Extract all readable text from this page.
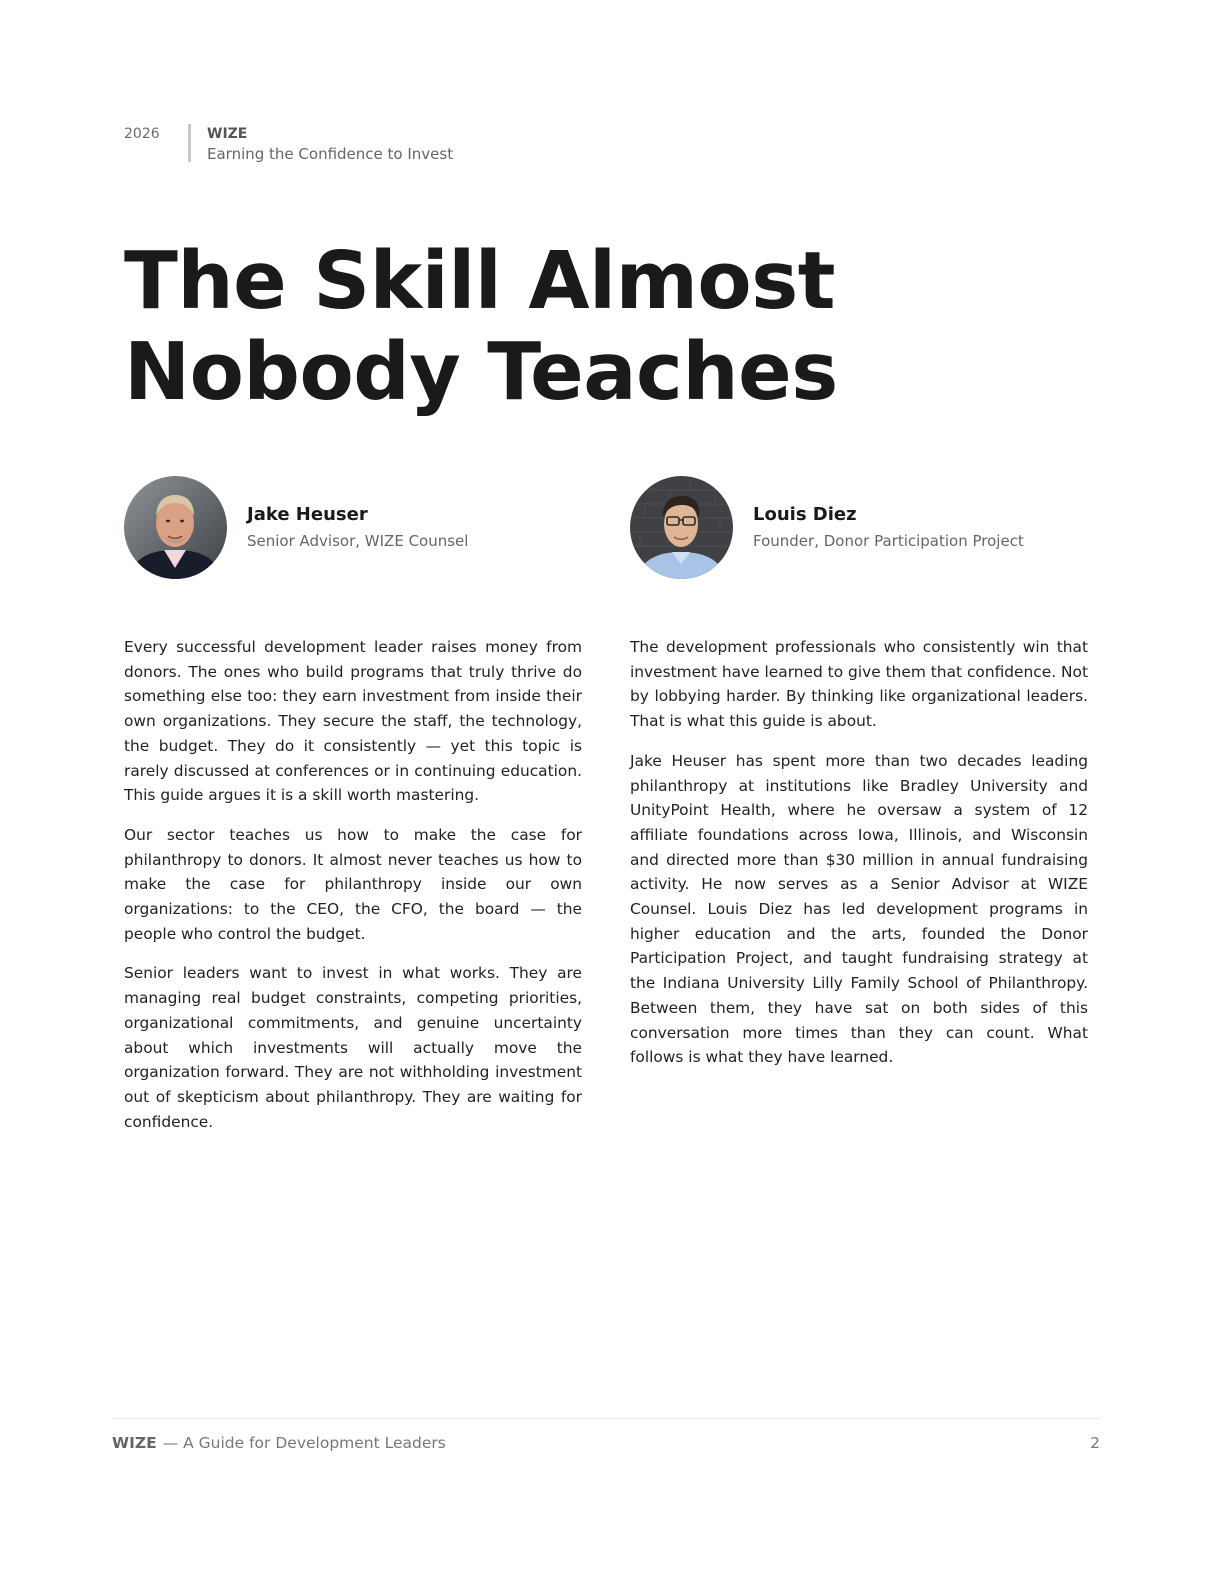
2026	WIZE
Earning the Confidence to Invest
The Skill Almost
Nobody Teaches
Jake Heuser
Senior Advisor, WIZE Counsel
Louis Diez
Founder, Donor Participation Project

Every successful development leader raises money from donors. The ones who build programs that truly thrive do something else too: they earn investment from inside their own organizations. They secure the staff, the technology, the budget. They do it consistently — yet this topic is rarely discussed at conferences or in continuing education. This guide argues it is a skill worth mastering.

Our sector teaches us how to make the case for philanthropy to donors. It almost never teaches us how to make the case for philanthropy inside our own organizations: to the CEO, the CFO, the board — the people who control the budget.

Senior leaders want to invest in what works. They are managing real budget constraints, competing priorities, organizational commitments, and genuine uncertainty about which investments will actually move the organization forward. They are not withholding investment out of skepticism about philanthropy. They are waiting for confidence.

The development professionals who consistently win that investment have learned to give them that confidence. Not by lobbying harder. By thinking like organizational leaders. That is what this guide is about.

Jake Heuser has spent more than two decades leading philanthropy at institutions like Bradley University and UnityPoint Health, where he oversaw a system of 12 affiliate foundations across Iowa, Illinois, and Wisconsin and directed more than $30 million in annual fundraising activity. He now serves as a Senior Advisor at WIZE Counsel. Louis Diez has led development programs in higher education and the arts, founded the Donor Participation Project, and taught fundraising strategy at the Indiana University Lilly Family School of Philanthropy. Between them, they have sat on both sides of this conversation more times than they can count. What follows is what they have learned.

WIZE — A Guide for Development Leaders	2
